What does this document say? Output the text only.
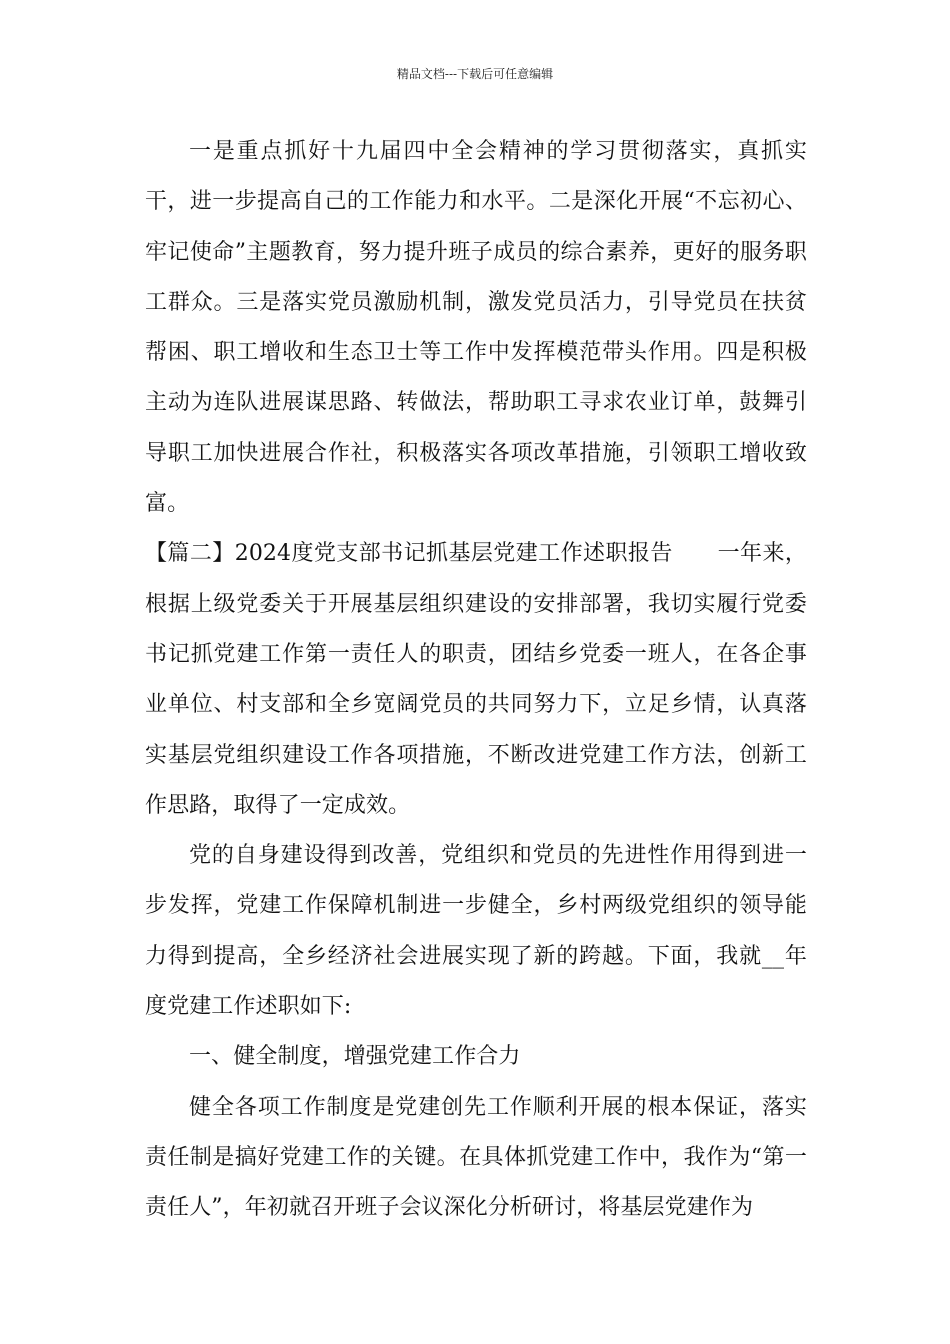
精品文档---下载后可任意编辑

一是重点抓好十九届四中全会精神的学习贯彻落实，真抓实干，进一步提高自己的工作能力和水平。二是深化开展“不忘初心、牢记使命”主题教育，努力提升班子成员的综合素养，更好的服务职工群众。三是落实党员激励机制，激发党员活力，引导党员在扶贫帮困、职工增收和生态卫士等工作中发挥模范带头作用。四是积极主动为连队进展谋思路、转做法，帮助职工寻求农业订单，鼓舞引导职工加快进展合作社，积极落实各项改革措施，引领职工增收致富。

【篇二】2024度党支部书记抓基层党建工作述职报告　　一年来，根据上级党委关于开展基层组织建设的安排部署，我切实履行党委书记抓党建工作第一责任人的职责，团结乡党委一班人，在各企事业单位、村支部和全乡宽阔党员的共同努力下，立足乡情，认真落实基层党组织建设工作各项措施，不断改进党建工作方法，创新工作思路，取得了一定成效。

党的自身建设得到改善，党组织和党员的先进性作用得到进一步发挥，党建工作保障机制进一步健全，乡村两级党组织的领导能力得到提高，全乡经济社会进展实现了新的跨越。下面，我就__年度党建工作述职如下:

一、健全制度，增强党建工作合力

健全各项工作制度是党建创先工作顺利开展的根本保证，落实责任制是搞好党建工作的关键。在具体抓党建工作中，我作为“第一责任人”，年初就召开班子会议深化分析研讨，将基层党建作为
